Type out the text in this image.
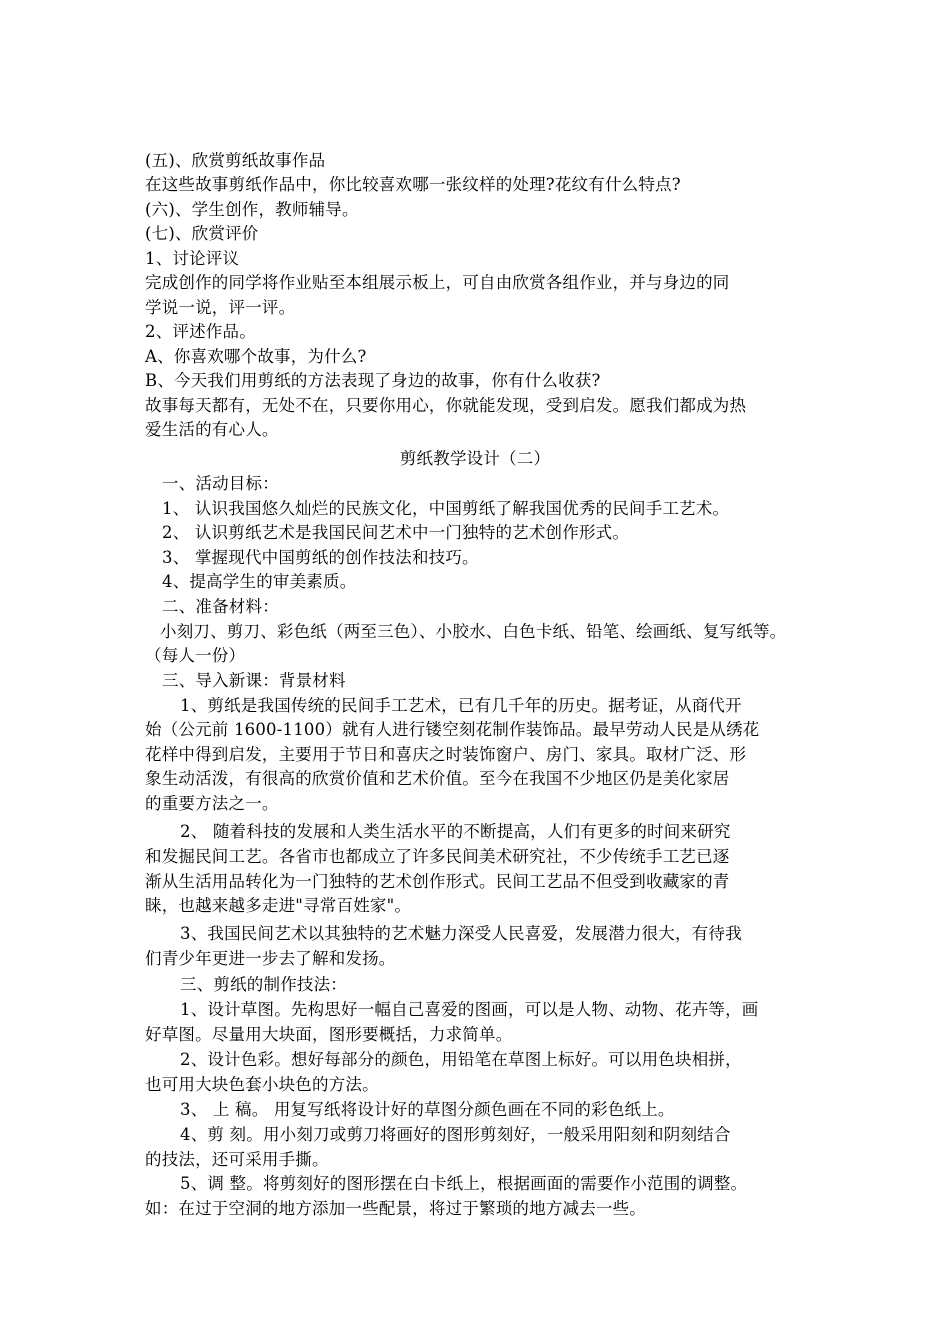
(五)、欣赏剪纸故事作品
在这些故事剪纸作品中，你比较喜欢哪一张纹样的处理?花纹有什么特点?
(六)、学生创作，教师辅导。
(七)、欣赏评价
1、讨论评议
完成创作的同学将作业贴至本组展示板上，可自由欣赏各组作业，并与身边的同
学说一说，评一评。
2、评述作品。
A、你喜欢哪个故事，为什么?
B、今天我们用剪纸的方法表现了身边的故事，你有什么收获?
故事每天都有，无处不在，只要你用心，你就能发现，受到启发。愿我们都成为热
爱生活的有心人。
剪纸教学设计（二）
一、活动目标：
1、 认识我国悠久灿烂的民族文化，中国剪纸了解我国优秀的民间手工艺术。
2、 认识剪纸艺术是我国民间艺术中一门独特的艺术创作形式。
3、 掌握现代中国剪纸的创作技法和技巧。
4、提高学生的审美素质。
二、准备材料：
小刻刀、剪刀、彩色纸（两至三色）、小胶水、白色卡纸、铅笔、绘画纸、复写纸等。
（每人一份）
三、导入新课：背景材料
1、剪纸是我国传统的民间手工艺术，已有几千年的历史。据考证，从商代开
始（公元前 1600-1100）就有人进行镂空刻花制作装饰品。最早劳动人民是从绣花
花样中得到启发，主要用于节日和喜庆之时装饰窗户、房门、家具。取材广泛、形
象生动活泼，有很高的欣赏价值和艺术价值。至今在我国不少地区仍是美化家居
的重要方法之一。
2、 随着科技的发展和人类生活水平的不断提高，人们有更多的时间来研究
和发掘民间工艺。各省市也都成立了许多民间美术研究社，不少传统手工艺已逐
渐从生活用品转化为一门独特的艺术创作形式。民间工艺品不但受到收藏家的青
睐，也越来越多走进"寻常百姓家"。
3、我国民间艺术以其独特的艺术魅力深受人民喜爱，发展潜力很大，有待我
们青少年更进一步去了解和发扬。
三、剪纸的制作技法：
1、设计草图。先构思好一幅自己喜爱的图画，可以是人物、动物、花卉等，画
好草图。尽量用大块面，图形要概括，力求简单。
2、设计色彩。想好每部分的颜色，用铅笔在草图上标好。可以用色块相拼，
也可用大块色套小块色的方法。
3、 上 稿。 用复写纸将设计好的草图分颜色画在不同的彩色纸上。
4、剪 刻。用小刻刀或剪刀将画好的图形剪刻好，一般采用阳刻和阴刻结合
的技法，还可采用手撕。
5、调 整。将剪刻好的图形摆在白卡纸上，根据画面的需要作小范围的调整。
如：在过于空洞的地方添加一些配景，将过于繁琐的地方减去一些。
